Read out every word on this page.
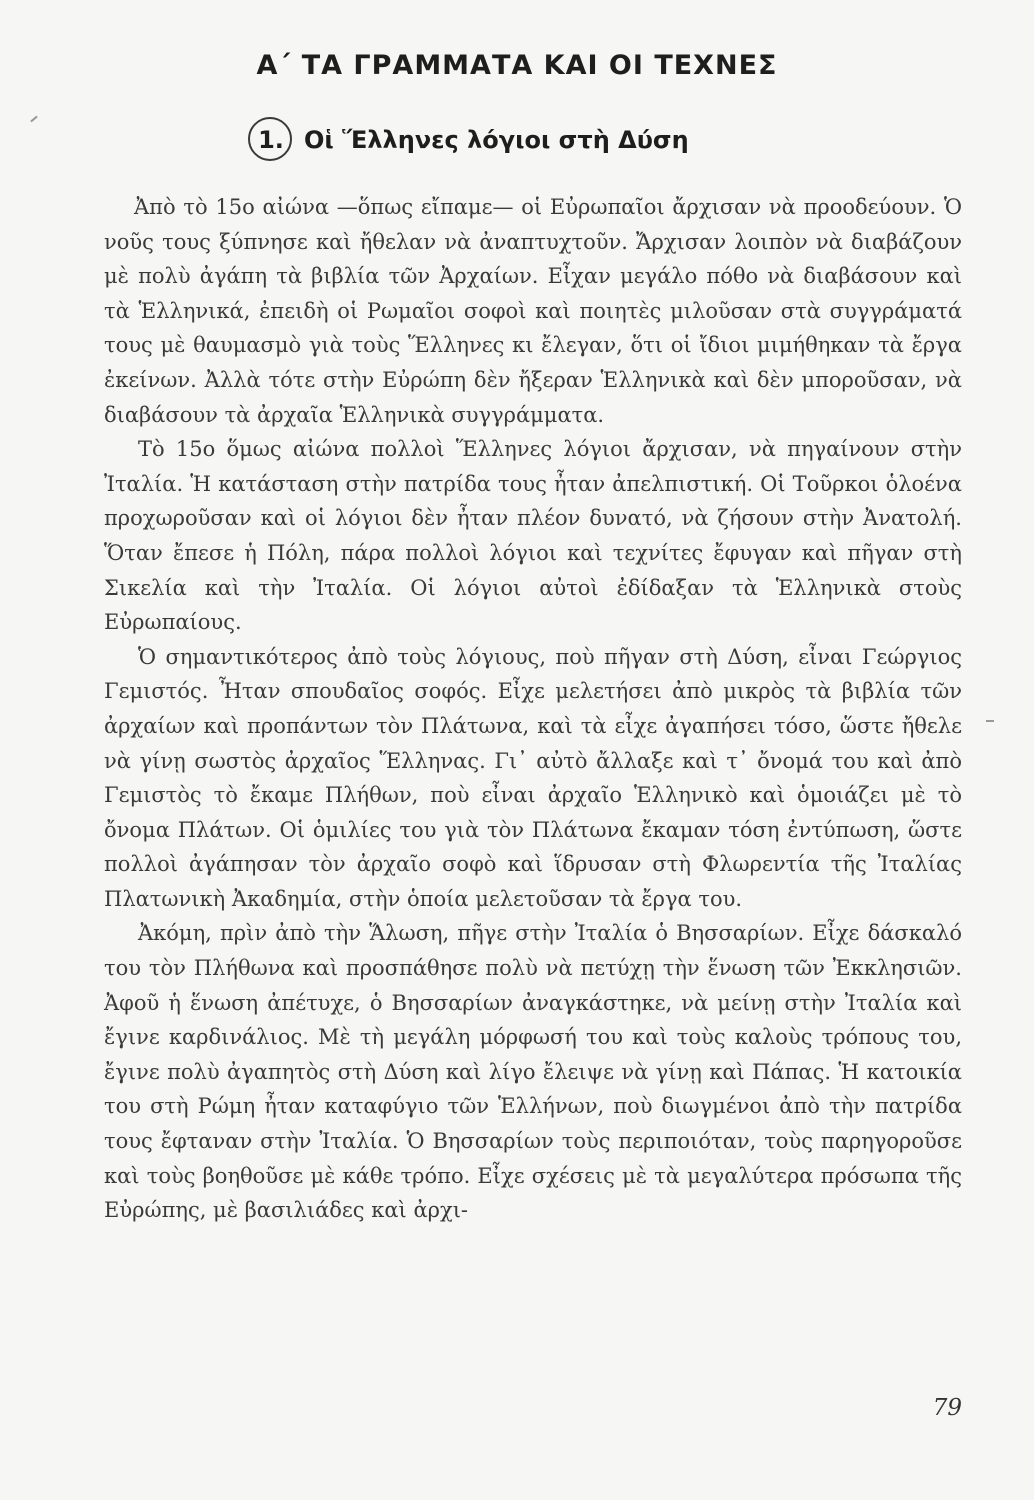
Α΄ ΤΑ ΓΡΑΜΜΑΤΑ ΚΑΙ ΟΙ ΤΕΧΝΕΣ
1. Οἱ Ἕλληνες λόγιοι στὴ Δύση

Ἀπὸ τὸ 15ο αἰώνα —ὅπως εἴπαμε— οἱ Εὐρωπαῖοι ἄρχισαν νὰ προοδεύουν. Ὁ νοῦς τους ξύπνησε καὶ ἤθελαν νὰ ἀναπτυχτοῦν. Ἄρχισαν λοιπὸν νὰ διαβάζουν μὲ πολὺ ἀγάπη τὰ βιβλία τῶν Ἀρχαίων. Εἶχαν μεγάλο πόθο νὰ διαβάσουν καὶ τὰ Ἑλληνικά, ἐπειδὴ οἱ Ρωμαῖοι σοφοὶ καὶ ποιητὲς μιλοῦσαν στὰ συγγράματά τους μὲ θαυμασμὸ γιὰ τοὺς Ἕλληνες κι ἔλεγαν, ὅτι οἱ ἴδιοι μιμήθηκαν τὰ ἔργα ἐκείνων. Ἀλλὰ τότε στὴν Εὐρώπη δὲν ἤξεραν Ἑλληνικὰ καὶ δὲν μποροῦσαν, νὰ διαβάσουν τὰ ἀρχαῖα Ἑλληνικὰ συγγράμματα.

Τὸ 15ο ὅμως αἰώνα πολλοὶ Ἕλληνες λόγιοι ἄρχισαν, νὰ πηγαίνουν στὴν Ἰταλία. Ἡ κατάσταση στὴν πατρίδα τους ἦταν ἀπελπιστική. Οἱ Τοῦρκοι ὁλοένα προχωροῦσαν καὶ οἱ λόγιοι δὲν ἦταν πλέον δυνατό, νὰ ζήσουν στὴν Ἀνατολή. Ὅταν ἔπεσε ἡ Πόλη, πάρα πολλοὶ λόγιοι καὶ τεχνίτες ἔφυγαν καὶ πῆγαν στὴ Σικελία καὶ τὴν Ἰταλία. Οἱ λόγιοι αὐτοὶ ἐδίδαξαν τὰ Ἑλληνικὰ στοὺς Εὐρωπαίους.

Ὁ σημαντικότερος ἀπὸ τοὺς λόγιους, ποὺ πῆγαν στὴ Δύση, εἶναι Γεώργιος Γεμιστός. Ἦταν σπουδαῖος σοφός. Εἶχε μελετήσει ἀπὸ μικρὸς τὰ βιβλία τῶν ἀρχαίων καὶ προπάντων τὸν Πλάτωνα, καὶ τὰ εἶχε ἀγαπήσει τόσο, ὥστε ἤθελε νὰ γίνῃ σωστὸς ἀρχαῖος Ἕλληνας. Γι᾽ αὐτὸ ἄλλαξε καὶ τ᾽ ὄνομά του καὶ ἀπὸ Γεμιστὸς τὸ ἔκαμε Πλήθων, ποὺ εἶναι ἀρχαῖο Ἑλληνικὸ καὶ ὁμοιάζει μὲ τὸ ὄνομα Πλάτων. Οἱ ὁμιλίες του γιὰ τὸν Πλάτωνα ἔκαμαν τόση ἐντύπωση, ὥστε πολλοὶ ἀγάπησαν τὸν ἀρχαῖο σοφὸ καὶ ἵδρυσαν στὴ Φλωρεντία τῆς Ἰταλίας Πλατωνικὴ Ἀκαδημία, στὴν ὁποία μελετοῦσαν τὰ ἔργα του.

Ἀκόμη, πρὶν ἀπὸ τὴν Ἅλωση, πῆγε στὴν Ἰταλία ὁ Βησσαρίων. Εἶχε δάσκαλό του τὸν Πλήθωνα καὶ προσπάθησε πολὺ νὰ πετύχῃ τὴν ἕνωση τῶν Ἐκκλησιῶν. Ἀφοῦ ἡ ἕνωση ἀπέτυχε, ὁ Βησσαρίων ἀναγκάστηκε, νὰ μείνῃ στὴν Ἰταλία καὶ ἔγινε καρδινάλιος. Μὲ τὴ μεγάλη μόρφωσή του καὶ τοὺς καλοὺς τρόπους του, ἔγινε πολὺ ἀγαπητὸς στὴ Δύση καὶ λίγο ἔλειψε νὰ γίνῃ καὶ Πάπας. Ἡ κατοικία του στὴ Ρώμη ἦταν καταφύγιο τῶν Ἑλλήνων, ποὺ διωγμένοι ἀπὸ τὴν πατρίδα τους ἔφταναν στὴν Ἰταλία. Ὁ Βησσαρίων τοὺς περιποιόταν, τοὺς παρηγοροῦσε καὶ τοὺς βοηθοῦσε μὲ κάθε τρόπο. Εἶχε σχέσεις μὲ τὰ μεγαλύτερα πρόσωπα τῆς Εὐρώπης, μὲ βασιλιάδες καὶ ἀρχι-

79
